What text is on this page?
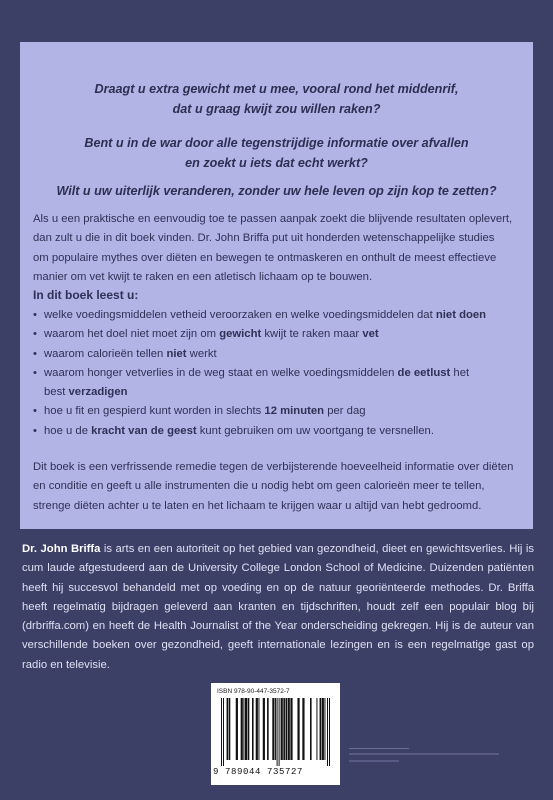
Draagt u extra gewicht met u mee, vooral rond het middenrif,
dat u graag kwijt zou willen raken?
Bent u in de war door alle tegenstrijdige informatie over afvallen
en zoekt u iets dat echt werkt?
Wilt u uw uiterlijk veranderen, zonder uw hele leven op zijn kop te zetten?
Als u een praktische en eenvoudig toe te passen aanpak zoekt die blijvende resultaten oplevert,
dan zult u die in dit boek vinden. Dr. John Briffa put uit honderden wetenschappelijke studies
om populaire mythes over diëten en bewegen te ontmaskeren en onthult de meest effectieve
manier om vet kwijt te raken en een atletisch lichaam op te bouwen.
In dit boek leest u:
• welke voedingsmiddelen vetheid veroorzaken en welke voedingsmiddelen dat niet doen
• waarom het doel niet moet zijn om gewicht kwijt te raken maar vet
• waarom calorieën tellen niet werkt
• waarom honger vetverlies in de weg staat en welke voedingsmiddelen de eetlust het
best verzadigen
• hoe u fit en gespierd kunt worden in slechts 12 minuten per dag
• hoe u de kracht van de geest kunt gebruiken om uw voortgang te versnellen.
Dit boek is een verfrissende remedie tegen de verbijsterende hoeveelheid informatie over diëten
en conditie en geeft u alle instrumenten die u nodig hebt om geen calorieën meer te tellen,
strenge diëten achter u te laten en het lichaam te krijgen waar u altijd van hebt gedroomd.
Dr. John Briffa is arts en een autoriteit op het gebied van gezondheid, dieet en gewichtsverlies. Hij is cum laude afgestudeerd aan de University College London School of Medicine. Duizenden patiënten heeft hij succesvol behandeld met op voeding en op de natuur georiënteerde methodes. Dr. Briffa heeft regelmatig bijdragen geleverd aan kranten en tijdschriften, houdt zelf een populair blog bij (drbriffa.com) en heeft de Health Journalist of the Year onderscheiding gekregen. Hij is de auteur van verschillende boeken over gezondheid, geeft internationale lezingen en is een regelmatige gast op radio en televisie.
ISBN 978-90-447-3572-7
9 789044 735727
